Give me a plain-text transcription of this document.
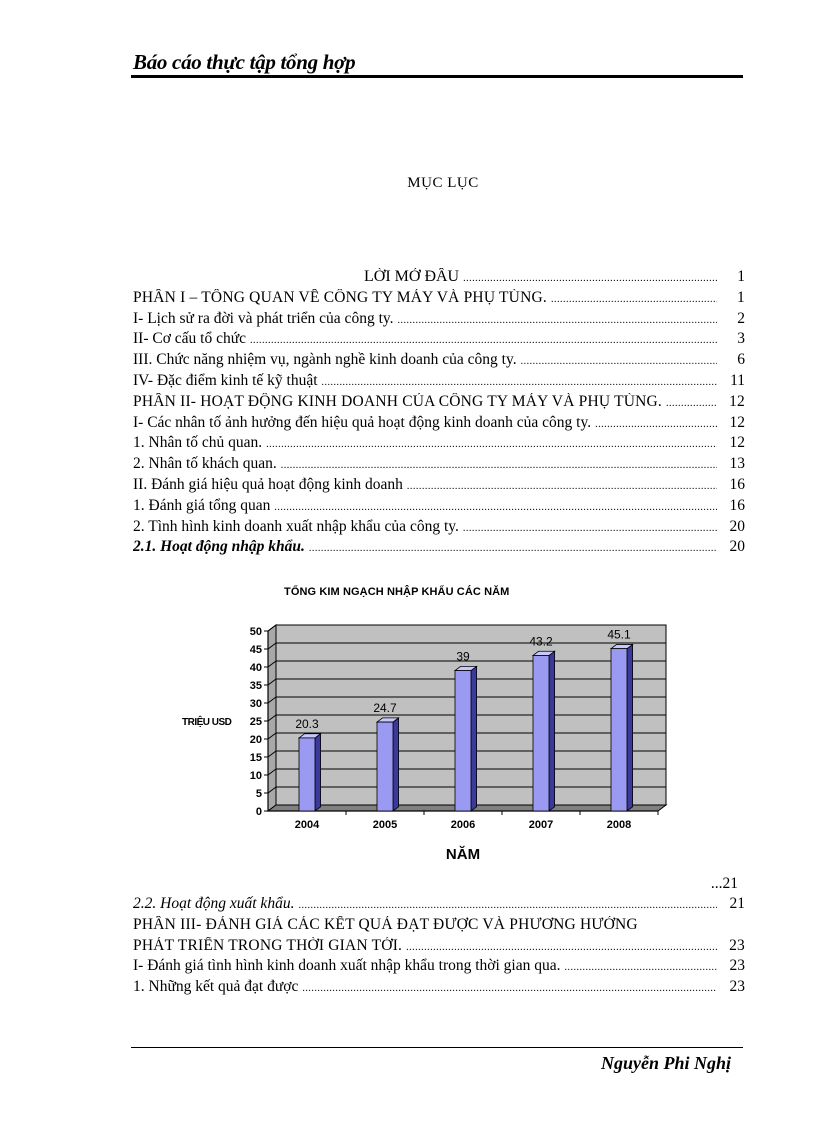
Báo cáo thực tập tổng hợp
MỤC LỤC
LỜI MỞ ĐẦU .....	1
PHẦN I – TỔNG QUAN VỀ CÔNG TY MÁY VÀ PHỤ TÙNG. .....	1
I- Lịch sử ra đời và phát triển của công ty. .....	2
II- Cơ cấu tổ chức .....	3
III. Chức năng nhiệm vụ, ngành nghề kinh doanh của công ty. .....	6
IV- Đặc điểm kinh tế kỹ thuật .....	11
PHẦN II- HOẠT ĐỘNG KINH DOANH CỦA CÔNG TY MÁY VÀ PHỤ TÙNG. .....	12
I- Các nhân tố ảnh hưởng đến hiệu quả hoạt động kinh doanh của công ty. .....	12
1. Nhân tố chủ quan. .....	12
2. Nhân tố khách quan. .....	13
II. Đánh giá hiệu quả hoạt động kinh doanh .....	16
1. Đánh giá tổng quan .....	16
2. Tình hình kinh doanh xuất nhập khẩu của công ty. .....	20
2.1. Hoạt động nhập khẩu. .....	20
TỔNG KIM NGẠCH NHẬP KHẨU CÁC NĂM
0
5
10
15
20
25
30
35
40
45
50
TRIỆU USD	20.3
2004
24.7
2005
39
2006
43.2
2007
45.1
2008
NĂM
...21
2.2. Hoạt động xuất khẩu. .....	21
PHẦN III- ĐÁNH GIÁ CÁC KẾT QUẢ ĐẠT ĐƯỢC VÀ PHƯƠNG HƯỚNG
PHÁT TRIỂN TRONG THỜI GIAN TỚI. .....	23
I- Đánh giá tình hình kinh doanh xuất nhập khẩu trong thời gian qua. .....	23
1. Những kết quả đạt được .....	23
Nguyễn Phi Nghị
